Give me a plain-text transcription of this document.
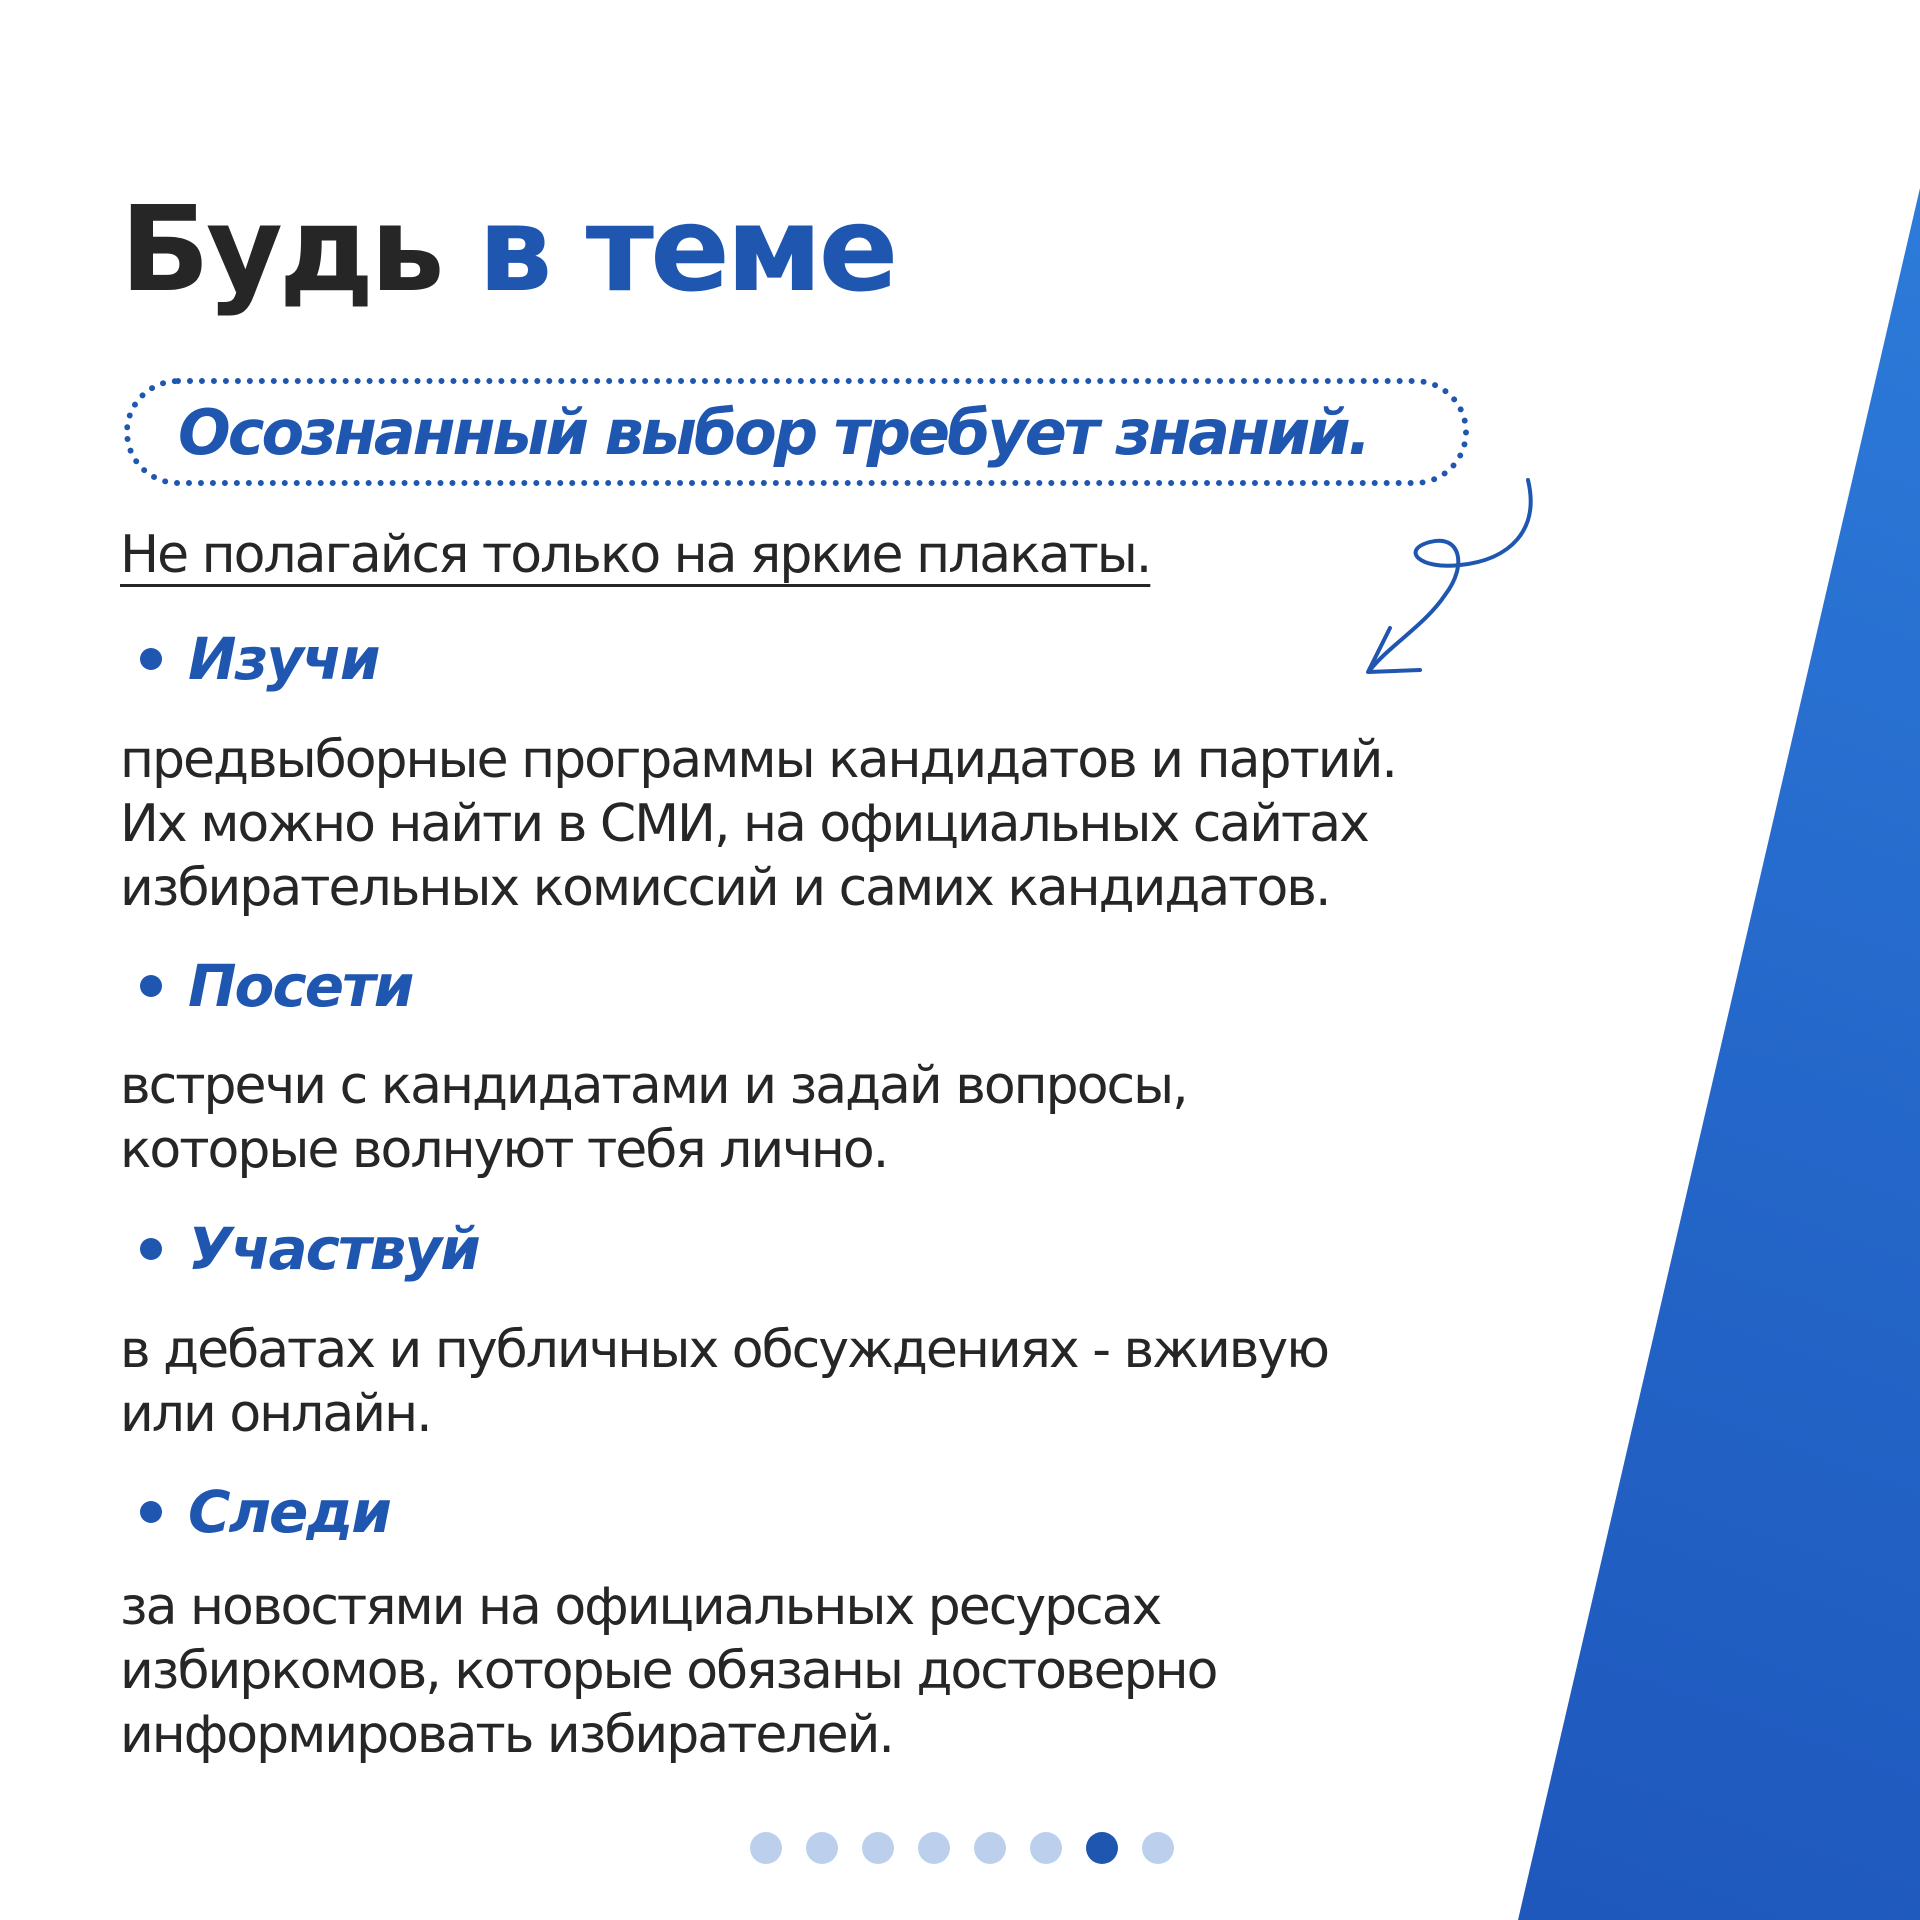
Будь в теме
Осознанный выбор требует знаний.
Не полагайся только на яркие плакаты.
Изучи
предвыборные программы кандидатов и партий.
Их можно найти в СМИ, на официальных сайтах
избирательных комиссий и самих кандидатов.
Посети
встречи с кандидатами и задай вопросы,
которые волнуют тебя лично.
Участвуй
в дебатах и публичных обсуждениях - вживую
или онлайн.
Следи
за новостями на официальных ресурсах
избиркомов, которые обязаны достоверно
информировать избирателей.
